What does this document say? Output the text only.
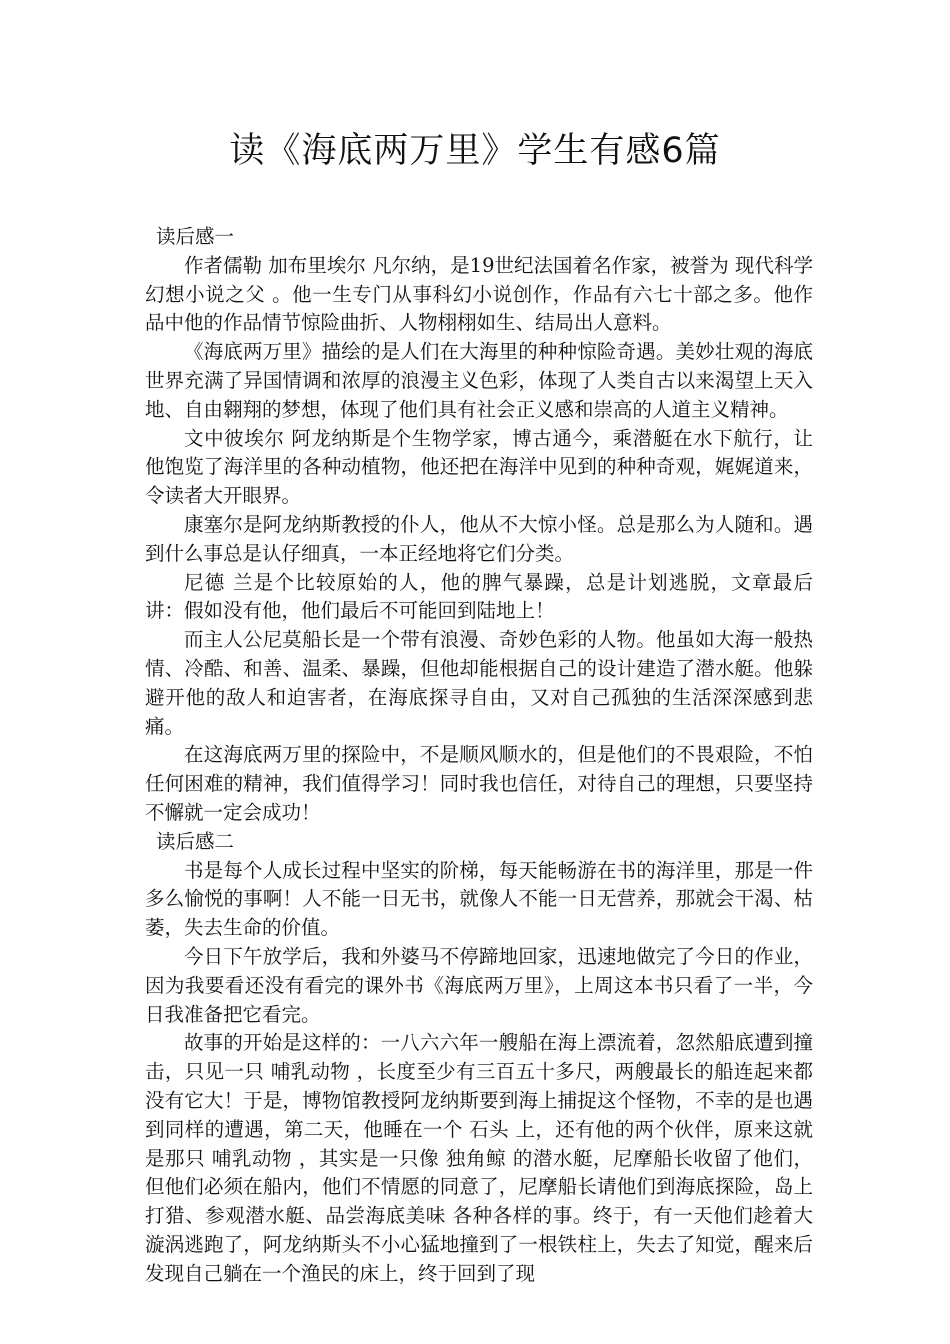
读《海底两万里》学生有感6篇

读后感一

作者儒勒 加布里埃尔 凡尔纳，是19世纪法国着名作家，被誉为 现代科学幻想小说之父 。他一生专门从事科幻小说创作，作品有六七十部之多。他作品中他的作品情节惊险曲折、人物栩栩如生、结局出人意料。

《海底两万里》描绘的是人们在大海里的种种惊险奇遇。美妙壮观的海底世界充满了异国情调和浓厚的浪漫主义色彩，体现了人类自古以来渴望上天入地、自由翱翔的梦想，体现了他们具有社会正义感和崇高的人道主义精神。

文中彼埃尔 阿龙纳斯是个生物学家，博古通今，乘潜艇在水下航行，让他饱览了海洋里的各种动植物，他还把在海洋中见到的种种奇观，娓娓道来，令读者大开眼界。

康塞尔是阿龙纳斯教授的仆人，他从不大惊小怪。总是那么为人随和。遇到什么事总是认仔细真，一本正经地将它们分类。

尼德 兰是个比较原始的人，他的脾气暴躁，总是计划逃脱，文章最后讲：假如没有他，他们最后不可能回到陆地上！

而主人公尼莫船长是一个带有浪漫、奇妙色彩的人物。他虽如大海一般热情、冷酷、和善、温柔、暴躁，但他却能根据自己的设计建造了潜水艇。他躲避开他的敌人和迫害者，在海底探寻自由，又对自己孤独的生活深深感到悲痛。

在这海底两万里的探险中，不是顺风顺水的，但是他们的不畏艰险，不怕任何困难的精神，我们值得学习！同时我也信任，对待自己的理想，只要坚持不懈就一定会成功！

读后感二

书是每个人成长过程中坚实的阶梯，每天能畅游在书的海洋里，那是一件多么愉悦的事啊！人不能一日无书，就像人不能一日无营养，那就会干渴、枯萎，失去生命的价值。

今日下午放学后，我和外婆马不停蹄地回家，迅速地做完了今日的作业，因为我要看还没有看完的课外书《海底两万里》，上周这本书只看了一半，今日我准备把它看完。

故事的开始是这样的：一八六六年一艘船在海上漂流着，忽然船底遭到撞击，只见一只 哺乳动物 ，长度至少有三百五十多尺，两艘最长的船连起来都没有它大！于是，博物馆教授阿龙纳斯要到海上捕捉这个怪物，不幸的是也遇到同样的遭遇，第二天，他睡在一个 石头 上，还有他的两个伙伴，原来这就是那只 哺乳动物 ，其实是一只像 独角鲸 的潜水艇，尼摩船长收留了他们，但他们必须在船内，他们不情愿的同意了，尼摩船长请他们到海底探险，岛上打猎、参观潜水艇、品尝海底美味 各种各样的事。终于，有一天他们趁着大漩涡逃跑了，阿龙纳斯头不小心猛地撞到了一根铁柱上，失去了知觉，醒来后发现自己躺在一个渔民的床上，终于回到了现
